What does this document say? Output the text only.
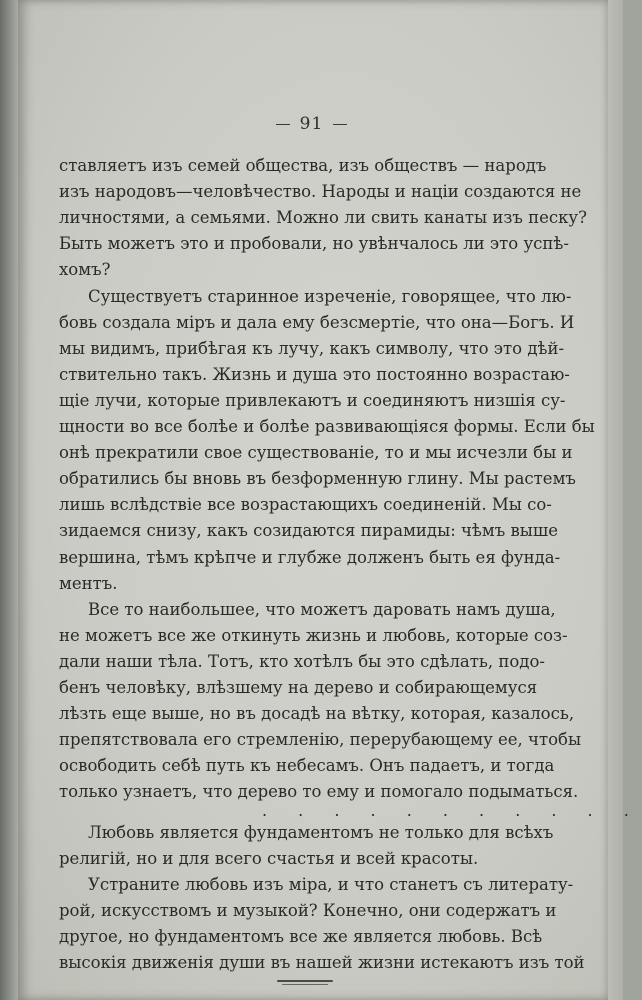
91
ставляетъ изъ семей общества, изъ обществъ — народъ
изъ народовъ—человѣчество. Народы и націи создаются не
личностями, а семьями. Можно ли свить канаты изъ песку?
Быть можетъ это и пробовали, но увѣнчалось ли это успѣ-
хомъ?
Существуетъ старинное изреченіе, говорящее, что лю-
бовь создала міръ и дала ему безсмертіе, что она—Богъ. И
мы видимъ, прибѣгая къ лучу, какъ символу, что это дѣй-
ствительно такъ. Жизнь и душа это постоянно возрастаю-
щіе лучи, которые привлекаютъ и соединяютъ низшія су-
щности во все болѣе и болѣе развивающіяся формы. Если бы
онѣ прекратили свое существованіе, то и мы исчезли бы и
обратились бы вновь въ безформенную глину. Мы растемъ
лишь вслѣдствіе все возрастающихъ соединеній. Мы со-
зидаемся снизу, какъ созидаются пирамиды: чѣмъ выше
вершина, тѣмъ крѣпче и глубже долженъ быть ея фунда-
ментъ.
Все то наибольшее, что можетъ даровать намъ душа,
не можетъ все же откинуть жизнь и любовь, которые соз-
дали наши тѣла. Тотъ, кто хотѣлъ бы это сдѣлать, подо-
бенъ человѣку, влѣзшему на дерево и собирающемуся
лѣзть еще выше, но въ досадѣ на вѣтку, которая, казалось,
препятствовала его стремленію, перерубающему ее, чтобы
освободить себѣ путь къ небесамъ. Онъ падаетъ, и тогда
только узнаетъ, что дерево то ему и помогало подыматься.
. . . . . . . . . . .
Любовь является фундаментомъ не только для всѣхъ
религій, но и для всего счастья и всей красоты.
Устраните любовь изъ міра, и что станетъ съ литерату-
рой, искусствомъ и музыкой? Конечно, они содержатъ и
другое, но фундаментомъ все же является любовь. Всѣ
высокія движенія души въ нашей жизни истекаютъ изъ той
